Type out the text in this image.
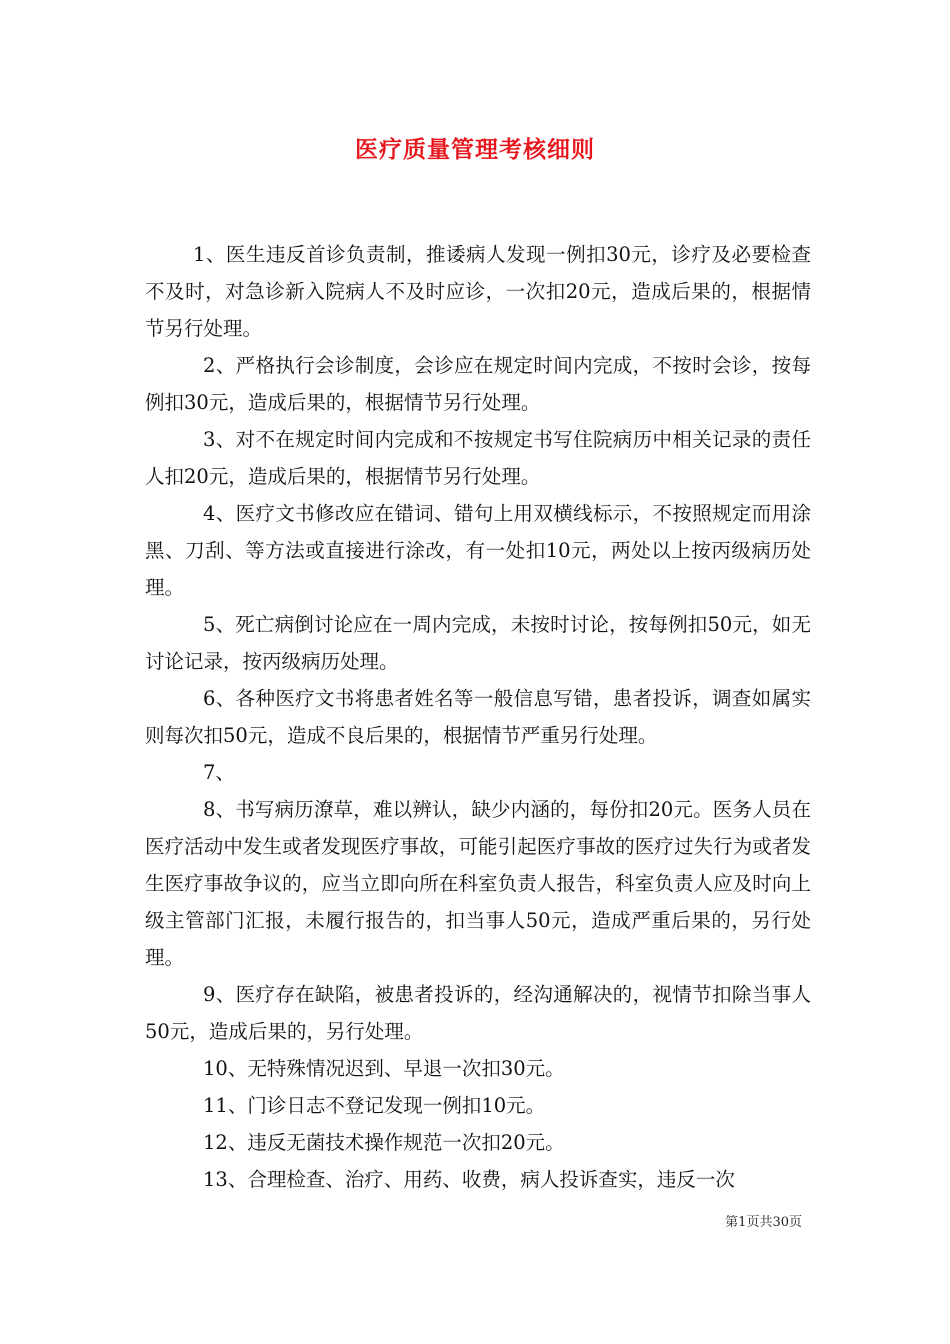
医疗质量管理考核细则

1、医生违反首诊负责制，推诿病人发现一例扣30元，诊疗及必要检查不及时，对急诊新入院病人不及时应诊，一次扣20元，造成后果的，根据情节另行处理。

2、严格执行会诊制度，会诊应在规定时间内完成，不按时会诊，按每例扣30元，造成后果的，根据情节另行处理。

3、对不在规定时间内完成和不按规定书写住院病历中相关记录的责任人扣20元，造成后果的，根据情节另行处理。

4、医疗文书修改应在错词、错句上用双横线标示，不按照规定而用涂黑、刀刮、等方法或直接进行涂改，有一处扣10元，两处以上按丙级病历处理。

5、死亡病倒讨论应在一周内完成，未按时讨论，按每例扣50元，如无讨论记录，按丙级病历处理。

6、各种医疗文书将患者姓名等一般信息写错，患者投诉，调查如属实则每次扣50元，造成不良后果的，根据情节严重另行处理。

7、

8、书写病历潦草，难以辨认，缺少内涵的，每份扣20元。医务人员在医疗活动中发生或者发现医疗事故，可能引起医疗事故的医疗过失行为或者发生医疗事故争议的，应当立即向所在科室负责人报告，科室负责人应及时向上级主管部门汇报，未履行报告的，扣当事人50元，造成严重后果的，另行处理。

9、医疗存在缺陷，被患者投诉的，经沟通解决的，视情节扣除当事人50元，造成后果的，另行处理。

10、无特殊情况迟到、早退一次扣30元。

11、门诊日志不登记发现一例扣10元。

12、违反无菌技术操作规范一次扣20元。

13、合理检查、治疗、用药、收费，病人投诉查实，违反一次

第1页共30页
